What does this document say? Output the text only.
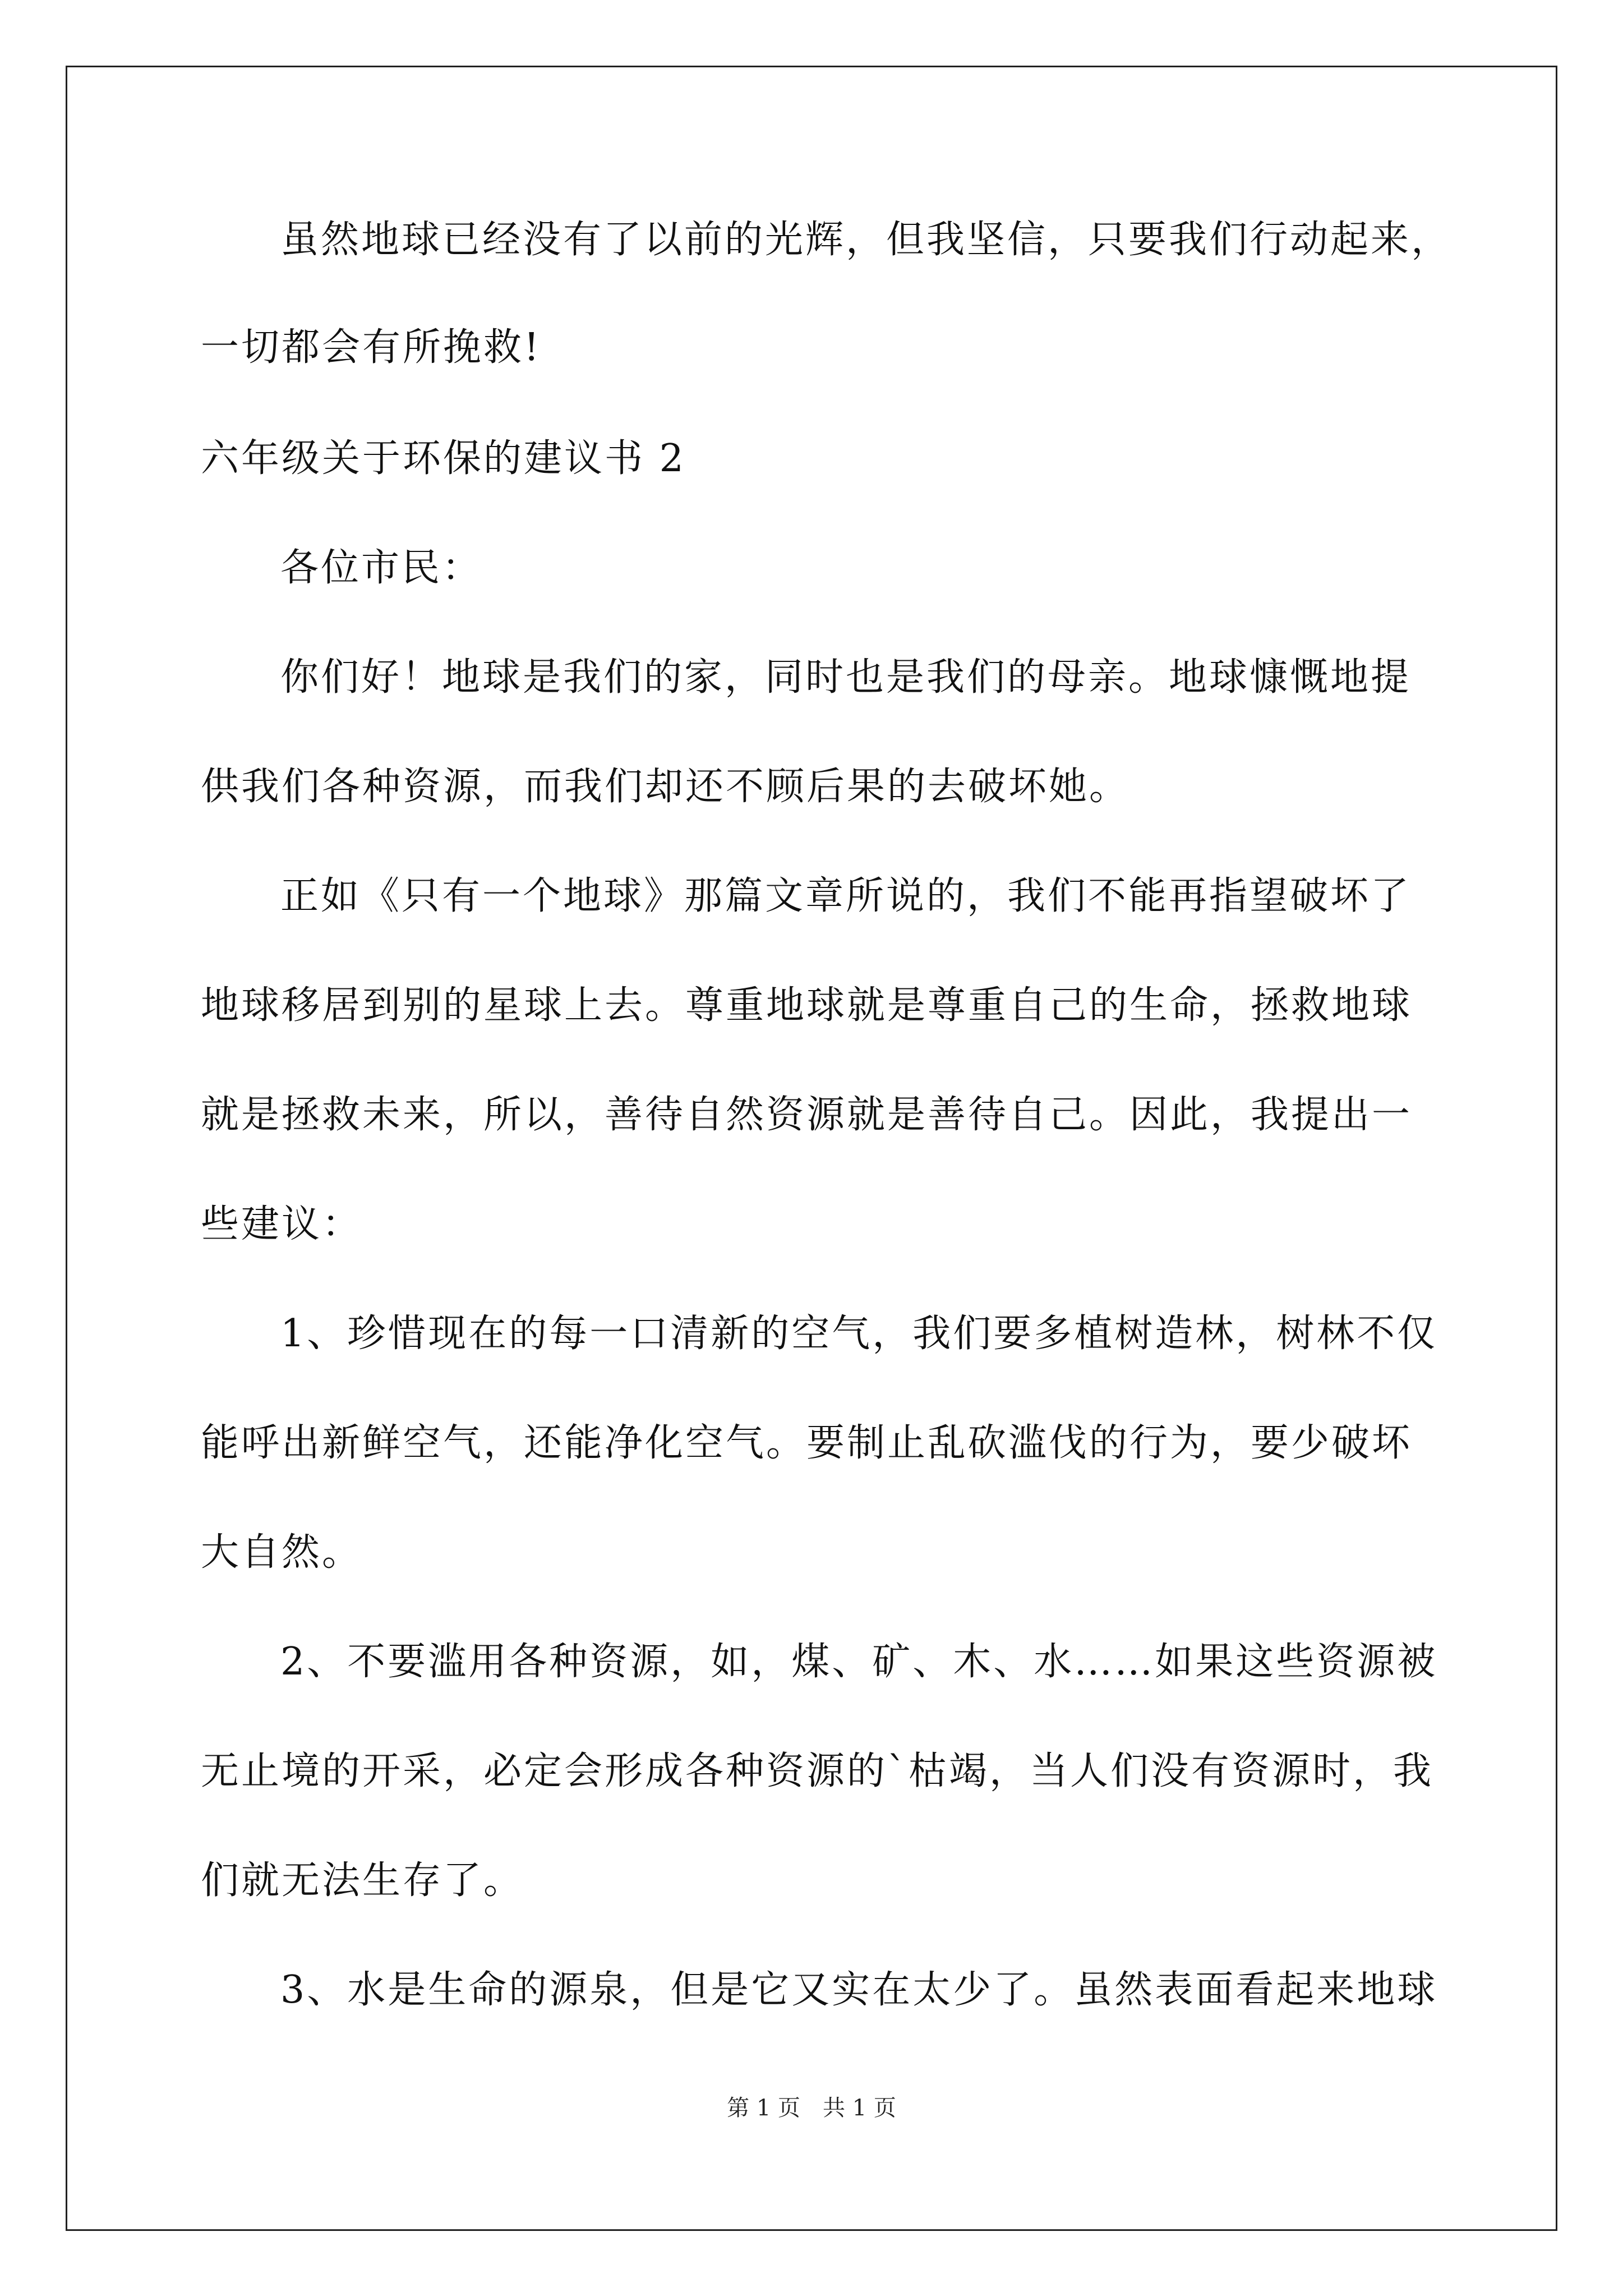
虽然地球已经没有了以前的光辉，但我坚信，只要我们行动起来，
一切都会有所挽救!
六年级关于环保的建议书 2
各位市民：
你们好！地球是我们的家，同时也是我们的母亲。地球慷慨地提
供我们各种资源，而我们却还不顾后果的去破坏她。
正如《只有一个地球》那篇文章所说的，我们不能再指望破坏了
地球移居到别的星球上去。尊重地球就是尊重自己的生命，拯救地球
就是拯救未来，所以，善待自然资源就是善待自己。因此，我提出一
些建议：
1、珍惜现在的每一口清新的空气，我们要多植树造林，树林不仅
能呼出新鲜空气，还能净化空气。要制止乱砍滥伐的行为，要少破坏
大自然。
2、不要滥用各种资源，如，煤、矿、木、水……如果这些资源被
无止境的开采，必定会形成各种资源的`枯竭，当人们没有资源时，我
们就无法生存了。
3、水是生命的源泉，但是它又实在太少了。虽然表面看起来地球
第 1 页　共 1 页
